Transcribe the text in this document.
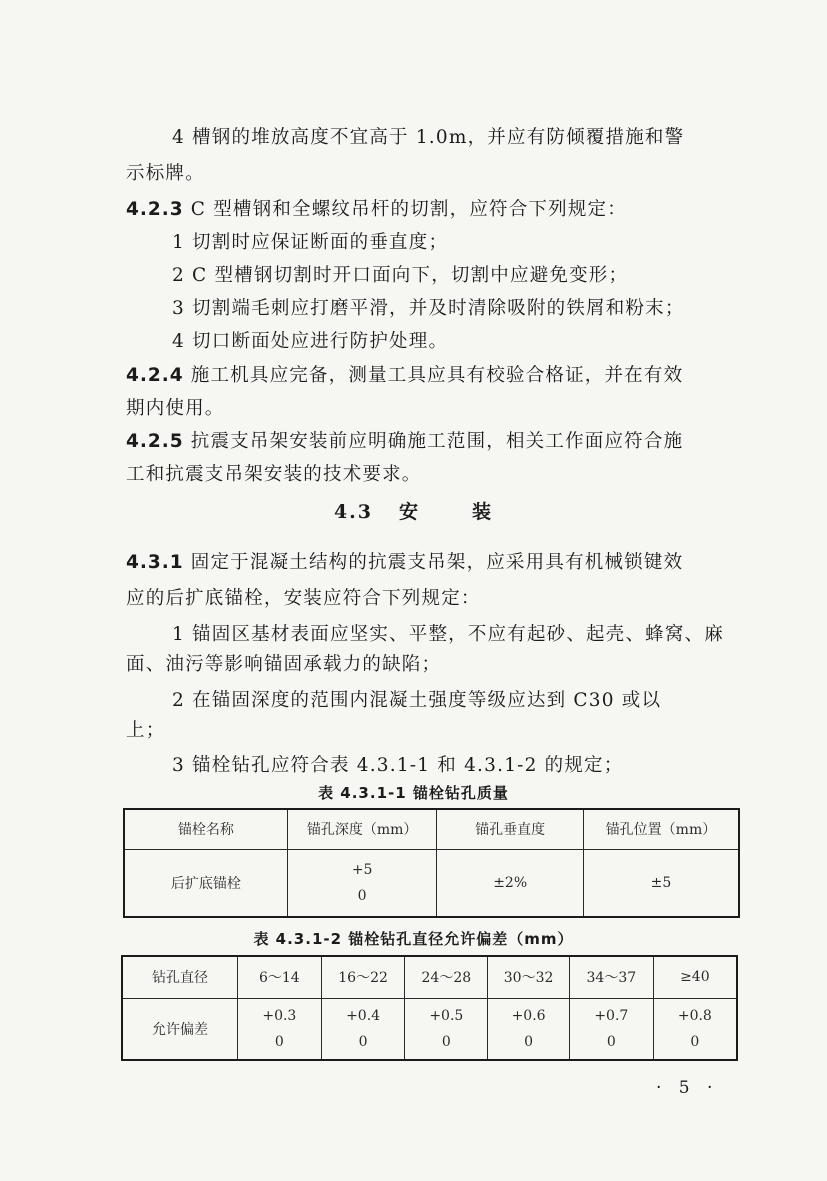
4 槽钢的堆放高度不宜高于 1.0m，并应有防倾覆措施和警
示标牌。
4.2.3 C 型槽钢和全螺纹吊杆的切割，应符合下列规定：
1 切割时应保证断面的垂直度；
2 C 型槽钢切割时开口面向下，切割中应避免变形；
3 切割端毛刺应打磨平滑，并及时清除吸附的铁屑和粉末；
4 切口断面处应进行防护处理。
4.2.4 施工机具应完备，测量工具应具有校验合格证，并在有效
期内使用。
4.2.5 抗震支吊架安装前应明确施工范围，相关工作面应符合施
工和抗震支吊架安装的技术要求。
4.3 安	装
4.3.1 固定于混凝土结构的抗震支吊架，应采用具有机械锁键效
应的后扩底锚栓，安装应符合下列规定：
1 锚固区基材表面应坚实、平整，不应有起砂、起壳、蜂窝、麻
面、油污等影响锚固承载力的缺陷；
2 在锚固深度的范围内混凝土强度等级应达到 C30 或以
上；
3 锚栓钻孔应符合表 4.3.1-1 和 4.3.1-2 的规定；
表 4.3.1-1 锚栓钻孔质量
锚栓名称	锚孔深度（mm）	锚孔垂直度	锚孔位置（mm）
后扩底锚栓	+5
0	±2%	±5
表 4.3.1-2 锚栓钻孔直径允许偏差（mm）
钻孔直径	6～14	16～22	24～28	30～32	34～37	≥40
允许偏差	+0.3
0	+0.4
0	+0.5
0	+0.6
0	+0.7
0	+0.8
0
· 5 ·
